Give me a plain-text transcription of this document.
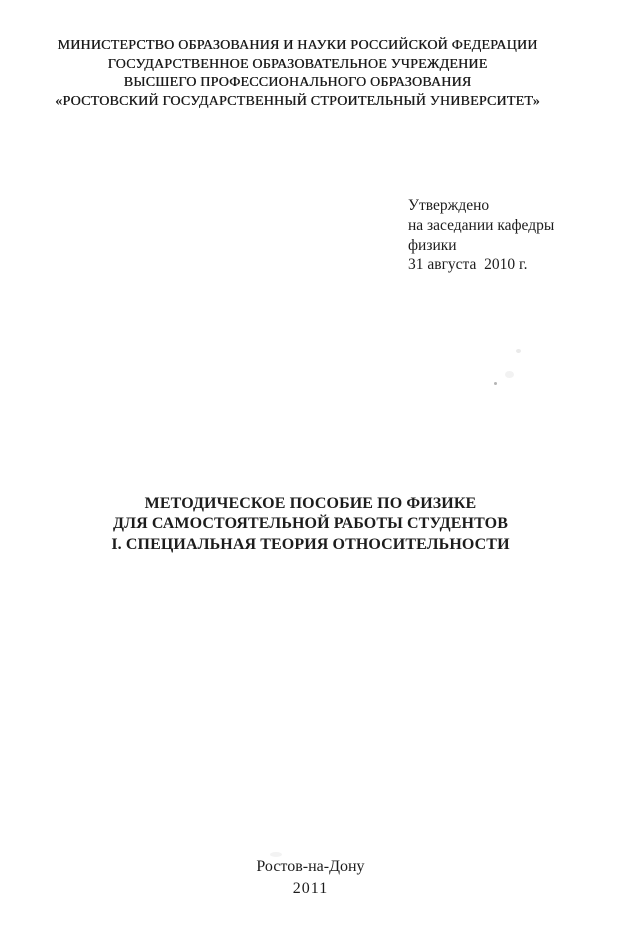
МИНИСТЕРСТВО ОБРАЗОВАНИЯ И НАУКИ РОССИЙСКОЙ ФЕДЕРАЦИИ
ГОСУДАРСТВЕННОЕ ОБРАЗОВАТЕЛЬНОЕ УЧРЕЖДЕНИЕ
ВЫСШЕГО ПРОФЕССИОНАЛЬНОГО ОБРАЗОВАНИЯ
«РОСТОВСКИЙ ГОСУДАРСТВЕННЫЙ СТРОИТЕЛЬНЫЙ УНИВЕРСИТЕТ»
Утверждено
на заседании кафедры
физики
31 августа  2010 г.
МЕТОДИЧЕСКОЕ ПОСОБИЕ ПО ФИЗИКЕ
ДЛЯ САМОСТОЯТЕЛЬНОЙ РАБОТЫ СТУДЕНТОВ
I. СПЕЦИАЛЬНАЯ ТЕОРИЯ ОТНОСИТЕЛЬНОСТИ
Ростов-на-Дону
2011
